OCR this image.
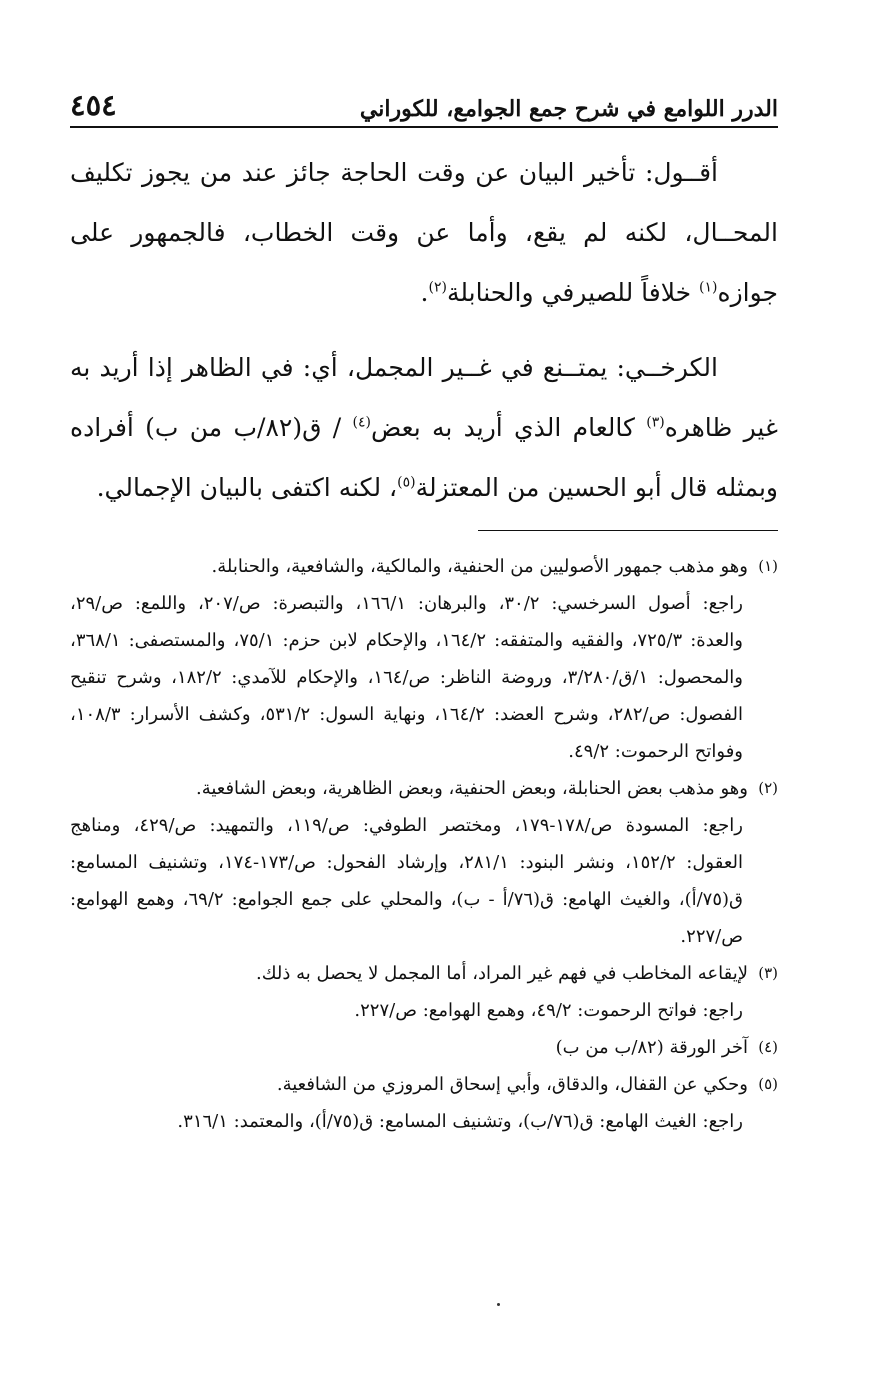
الدرر اللوامع في شرح جمع الجوامع، للكوراني
٤٥٤

أقــول: تأخير البيان عن وقت الحاجة جائز عند من يجوز تكليف المحــال، لكنه لم يقع، وأما عن وقت الخطاب، فالجمهور على جوازه$^{(١)}$ خلافاً للصيرفي والحنابلة$^{(٢)}$.

الكرخــي: يمتــنع في غــير المجمل، أي: في الظاهر إذا أريد به غير ظاهره$^{(٣)}$ كالعام الذي أريد به بعض$^{(٤)}$ / ق(٨٢/ب من ب) أفراده وبمثله قال أبو الحسين من المعتزلة$^{(٥)}$، لكنه اكتفى بالبيان الإجمالي.

(١)

وهو مذهب جمهور الأصوليين من الحنفية، والمالكية، والشافعية، والحنابلة.

راجع: أصول السرخسي: ٣٠/٢، والبرهان: ١٦٦/١، والتبصرة: ص/٢٠٧، واللمع: ص/٢٩، والعدة: ٧٢٥/٣، والفقيه والمتفقه: ١٦٤/٢، والإحكام لابن حزم: ٧٥/١، والمستصفى: ٣٦٨/١، والمحصول: ١/ق/٣/٢٨٠، وروضة الناظر: ص/١٦٤، والإحكام للآمدي: ١٨٢/٢، وشرح تنقيح الفصول: ص/٢٨٢، وشرح العضد: ١٦٤/٢، ونهاية السول: ٥٣١/٢، وكشف الأسرار: ١٠٨/٣، وفواتح الرحموت: ٤٩/٢.

(٢)

وهو مذهب بعض الحنابلة، وبعض الحنفية، وبعض الظاهرية، وبعض الشافعية.

راجع: المسودة ص/١٧٨-١٧٩، ومختصر الطوفي: ص/١١٩، والتمهيد: ص/٤٢٩، ومناهج العقول: ١٥٢/٢، ونشر البنود: ٢٨١/١، وإرشاد الفحول: ص/١٧٣-١٧٤، وتشنيف المسامع: ق(٧٥/أ)، والغيث الهامع: ق(٧٦/أ - ب)، والمحلي على جمع الجوامع: ٦٩/٢، وهمع الهوامع: ص/٢٢٧.

(٣)

لإيقاعه المخاطب في فهم غير المراد، أما المجمل لا يحصل به ذلك.

راجع: فواتح الرحموت: ٤٩/٢، وهمع الهوامع: ص/٢٢٧.

(٤)

آخر الورقة (٨٢/ب من ب)

(٥)

وحكي عن القفال، والدقاق، وأبي إسحاق المروزي من الشافعية.

راجع: الغيث الهامع: ق(٧٦/ب)، وتشنيف المسامع: ق(٧٥/أ)، والمعتمد: ٣١٦/١.
